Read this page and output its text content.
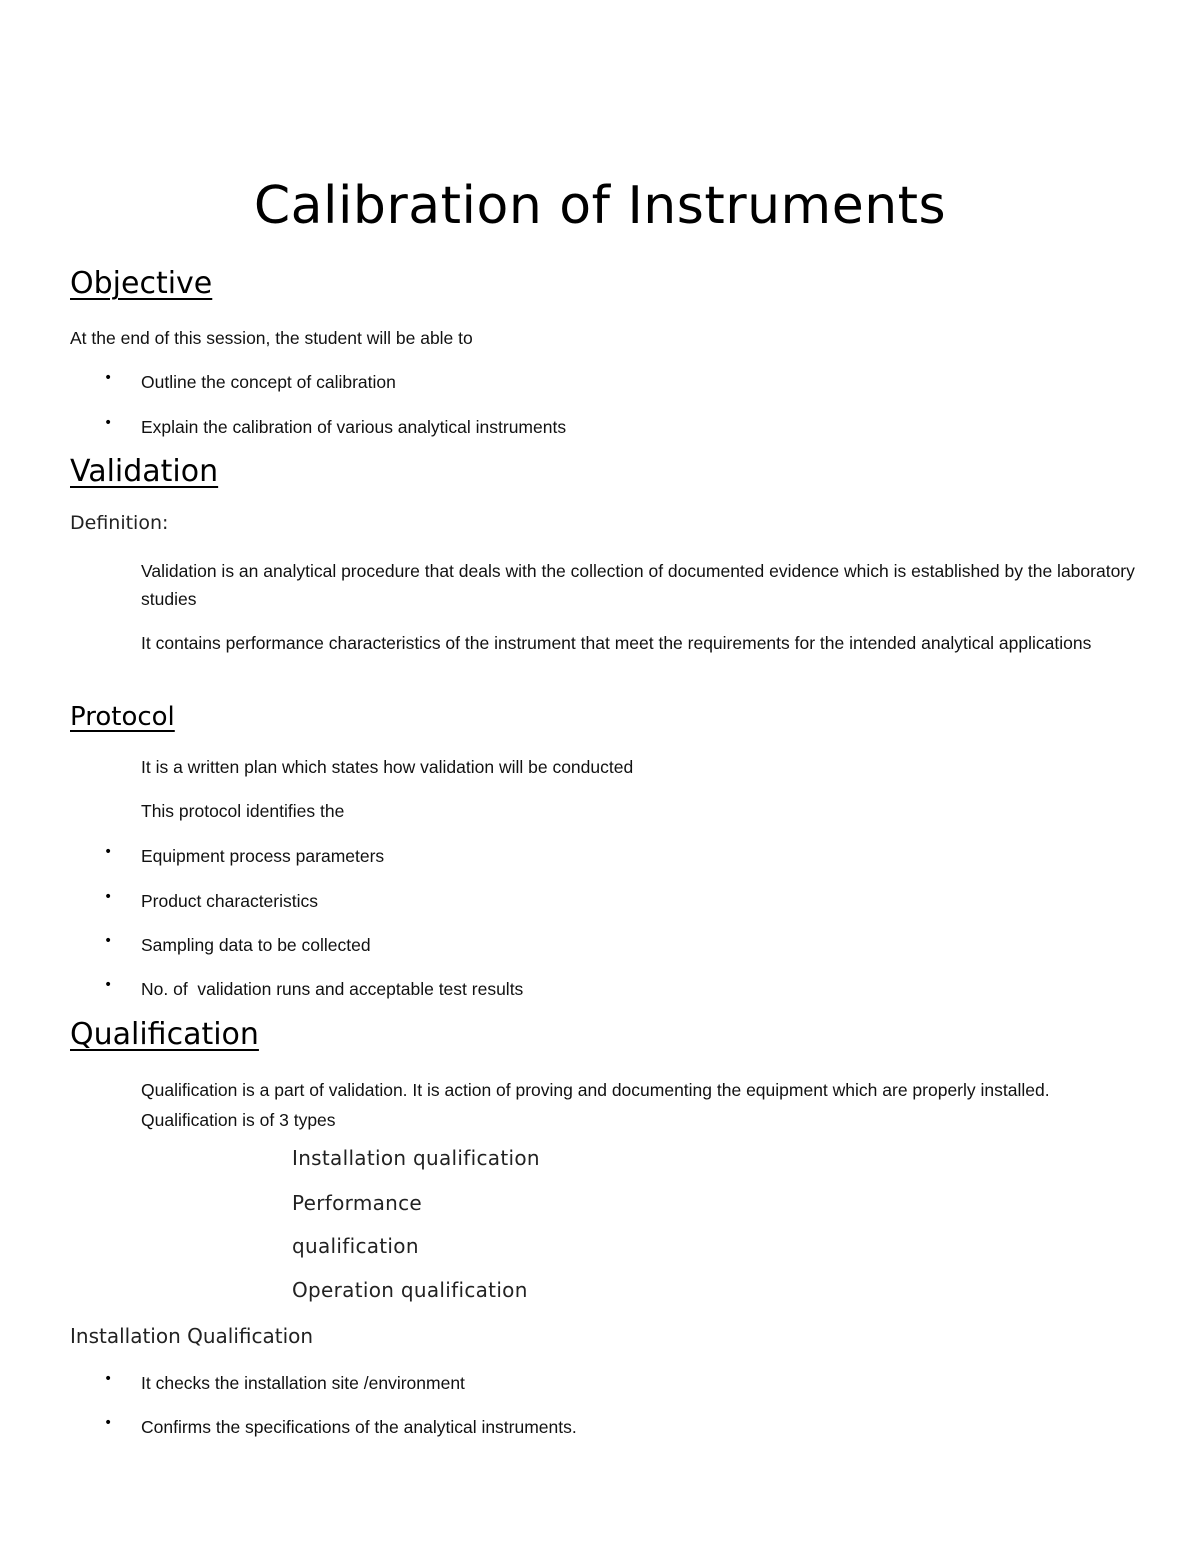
Calibration of Instruments
Objective

At the end of this session, the student will be able to

• Outline the concept of calibration

• Explain the calibration of various analytical instruments

Validation

Definition:

Validation is an analytical procedure that deals with the collection of documented evidence which is established by the laboratory studies

It contains performance characteristics of the instrument that meet the requirements for the intended analytical applications

Protocol

It is a written plan which states how validation will be conducted

This protocol identifies the

• Equipment process parameters

• Product characteristics

• Sampling data to be collected

• No. of  validation runs and acceptable test results

Qualification

Qualification is a part of validation. It is action of proving and documenting the equipment which are properly installed. Qualification is of 3 types

Installation qualification

Performance

qualification

Operation qualification

Installation Qualification

• It checks the installation site /environment

• Confirms the specifications of the analytical instruments.
